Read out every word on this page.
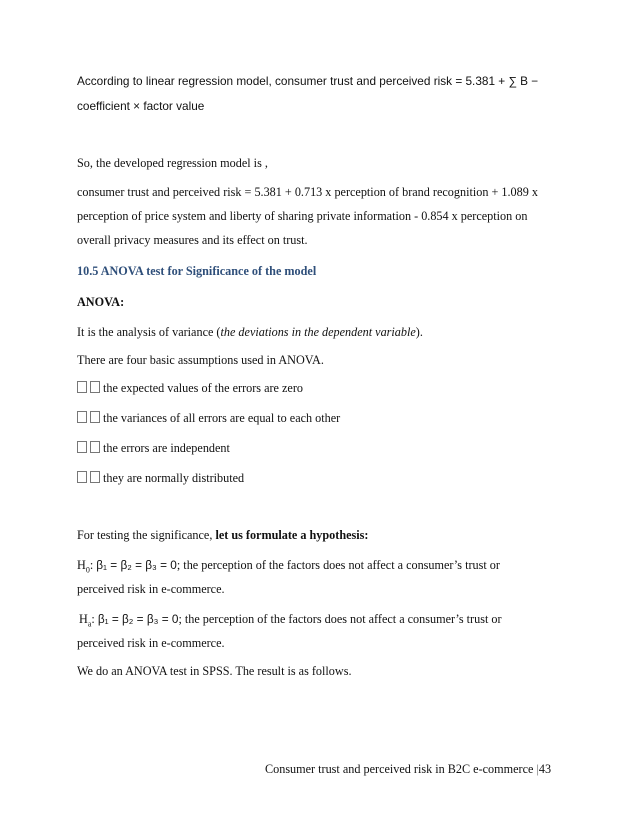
According to linear regression model, consumer trust and perceived risk = 5.381 + ∑ B −
coefficient × factor value
So, the developed regression model is ,
consumer trust and perceived risk = 5.381 + 0.713 x perception of brand recognition + 1.089 x
perception of price system and liberty of sharing private information - 0.854 x perception on
overall privacy measures and its effect on trust.
10.5 ANOVA test for Significance of the model
ANOVA:
It is the analysis of variance (the deviations in the dependent variable).
There are four basic assumptions used in ANOVA.
the expected values of the errors are zero
the variances of all errors are equal to each other
the errors are independent
they are normally distributed
For testing the significance, let us formulate a hypothesis:
$H_0$: β₁ = β₂ = β₃ = 0; the perception of the factors does not affect a consumer’s trust or
perceived risk in e-commerce.
$H_a$: β₁ = β₂ = β₃ = 0; the perception of the factors does not affect a consumer’s trust or
perceived risk in e-commerce.
We do an ANOVA test in SPSS. The result is as follows.
Consumer trust and perceived risk in B2C e-commerce |43
